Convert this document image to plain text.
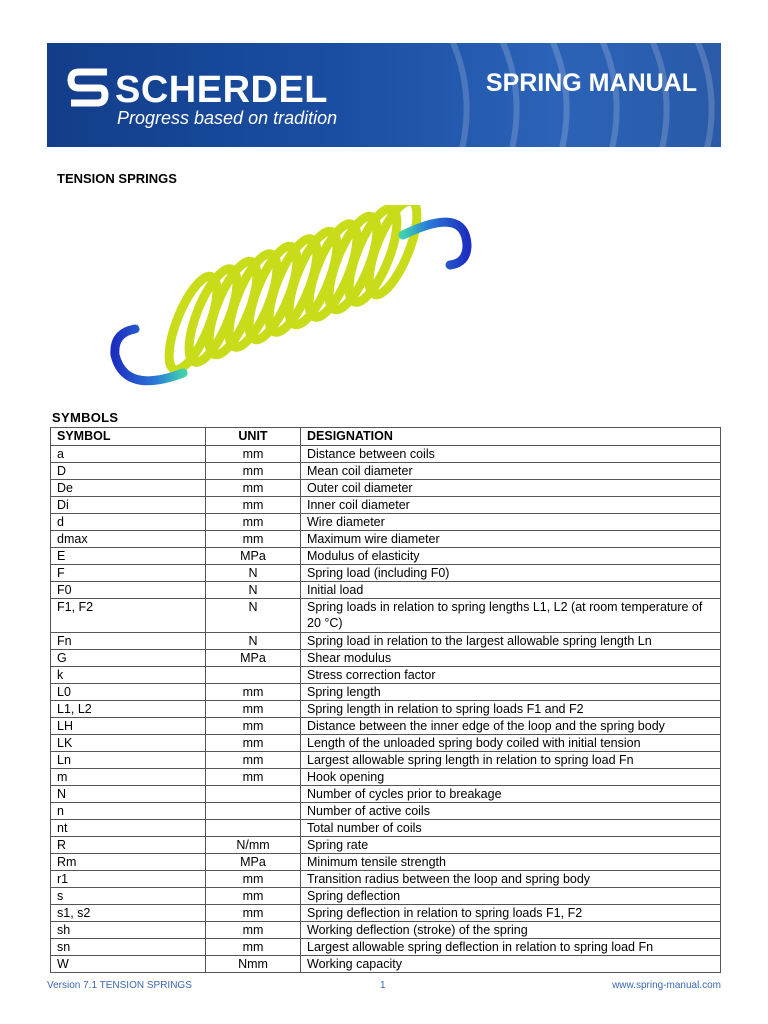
SCHERDEL
Progress based on tradition
SPRING MANUAL
TENSION SPRINGS
SYMBOLS
SYMBOL	UNIT	DESIGNATION
a	mm	Distance between coils
D	mm	Mean coil diameter
De	mm	Outer coil diameter
Di	mm	Inner coil diameter
d	mm	Wire diameter
dmax	mm	Maximum wire diameter
E	MPa	Modulus of elasticity
F	N	Spring load (including F0)
F0	N	Initial load
F1, F2	N	Spring loads in relation to spring lengths L1, L2 (at room temperature of 20 °C)
Fn	N	Spring load in relation to the largest allowable spring length Ln
G	MPa	Shear modulus
k		Stress correction factor
L0	mm	Spring length
L1, L2	mm	Spring length in relation to spring loads F1 and F2
LH	mm	Distance between the inner edge of the loop and the spring body
LK	mm	Length of the unloaded spring body coiled with initial tension
Ln	mm	Largest allowable spring length in relation to spring load Fn
m	mm	Hook opening
N		Number of cycles prior to breakage
n		Number of active coils
nt		Total number of coils
R	N/mm	Spring rate
Rm	MPa	Minimum tensile strength
r1	mm	Transition radius between the loop and spring body
s	mm	Spring deflection
s1, s2	mm	Spring deflection in relation to spring loads F1, F2
sh	mm	Working deflection (stroke) of the spring
sn	mm	Largest allowable spring deflection in relation to spring load Fn
W	Nmm	Working capacity
Version 7.1 TENSION SPRINGS	1	www.spring-manual.com
